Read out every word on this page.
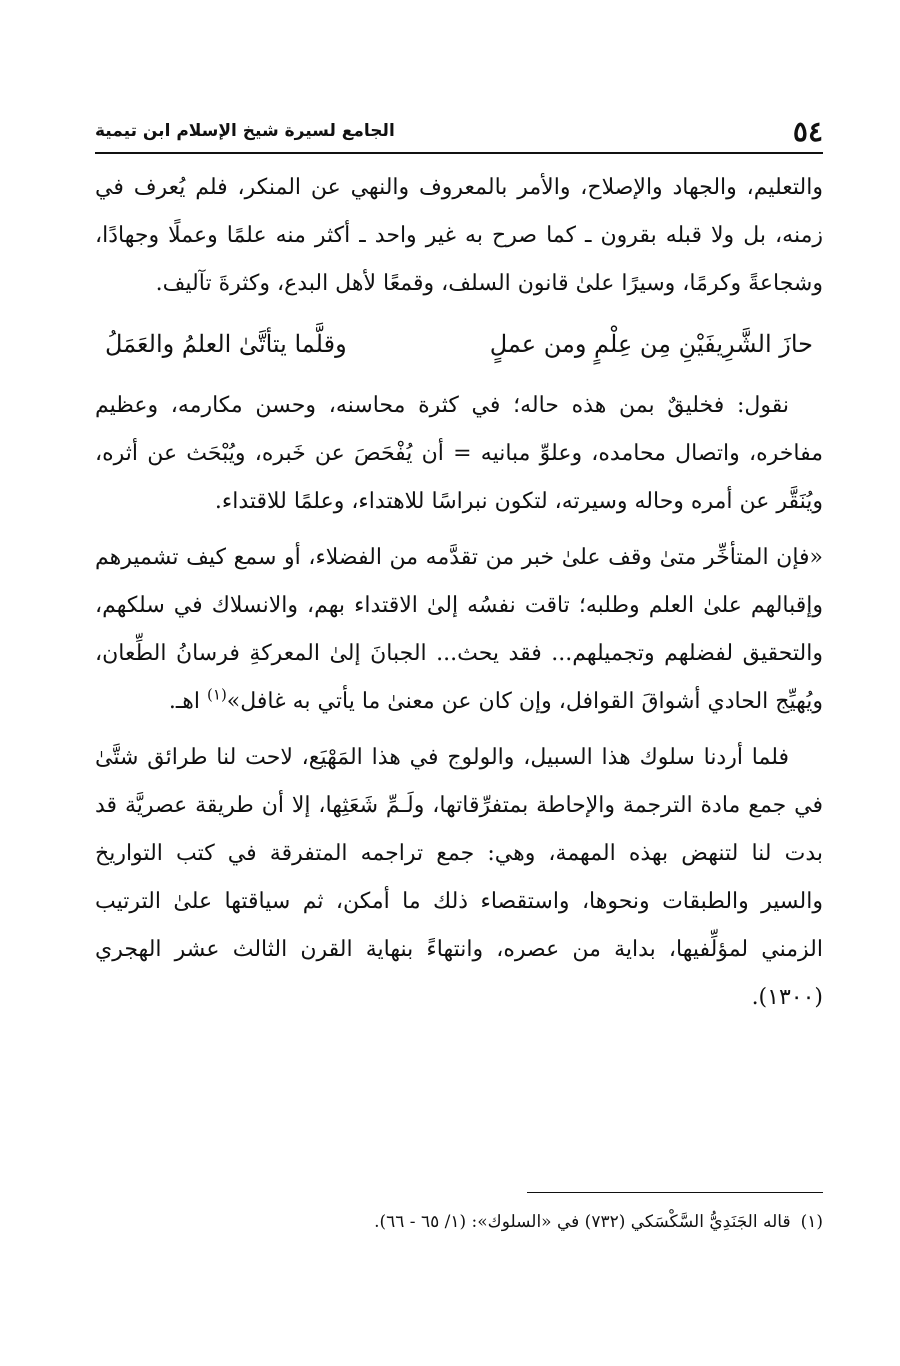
٥٤
الجامع لسيرة شيخ الإسلام ابن تيمية

والتعليم، والجهاد والإصلاح، والأمر بالمعروف والنهي عن المنكر، فلم يُعرف في زمنه، بل ولا قبله بقرون ـ كما صرح به غير واحد ـ أكثر منه علمًا وعملًا وجهادًا، وشجاعةً وكرمًا، وسيرًا علىٰ قانون السلف، وقمعًا لأهل البدع، وكثرةَ تآليف.

حازَ الشَّرِيفَيْنِ مِن عِلْمٍ ومن عملٍ
وقلَّما يتأتَّىٰ العلمُ والعَمَلُ

نقول: فخليقٌ بمن هذه حاله؛ في كثرة محاسنه، وحسن مكارمه، وعظيم مفاخره، واتصال محامده، وعلوِّ مبانيه = أن يُفْحَصَ عن خَبره، ويُبْحَث عن أثره، ويُنَقَّر عن أمره وحاله وسيرته، لتكون نبراسًا للاهتداء، وعلمًا للاقتداء.

«فإن المتأخِّر متىٰ وقف علىٰ خبر من تقدَّمه من الفضلاء، أو سمع كيف تشميرهم وإقبالهم علىٰ العلم وطلبه؛ تاقت نفسُه إلىٰ الاقتداء بهم، والانسلاك في سلكهم، والتحقيق لفضلهم وتجميلهم... فقد يحث... الجبانَ إلىٰ المعركةِ فرسانُ الطِّعان، ويُهيِّج الحادي أشواقَ القوافل، وإن كان عن معنىٰ ما يأتي به غافل»$^{(١)}$ اهـ.

فلما أردنا سلوك هذا السبيل، والولوج في هذا المَهْيَع، لاحت لنا طرائق شتَّىٰ في جمع مادة الترجمة والإحاطة بمتفرِّقاتها، ولَـمِّ شَعَثِها، إلا أن طريقة عصريَّة قد بدت لنا لتنهض بهذه المهمة، وهي: جمع تراجمه المتفرقة في كتب التواريخ والسير والطبقات ونحوها، واستقصاء ذلك ما أمكن، ثم سياقتها علىٰ الترتيب الزمني لمؤلِّفيها، بداية من عصره، وانتهاءً بنهاية القرن الثالث عشر الهجري (١٣٠٠).

(١)قاله الجَنَدِيُّ السَّكْسَكي (٧٣٢) في «السلوك»: (١/ ٦٥ - ٦٦).
